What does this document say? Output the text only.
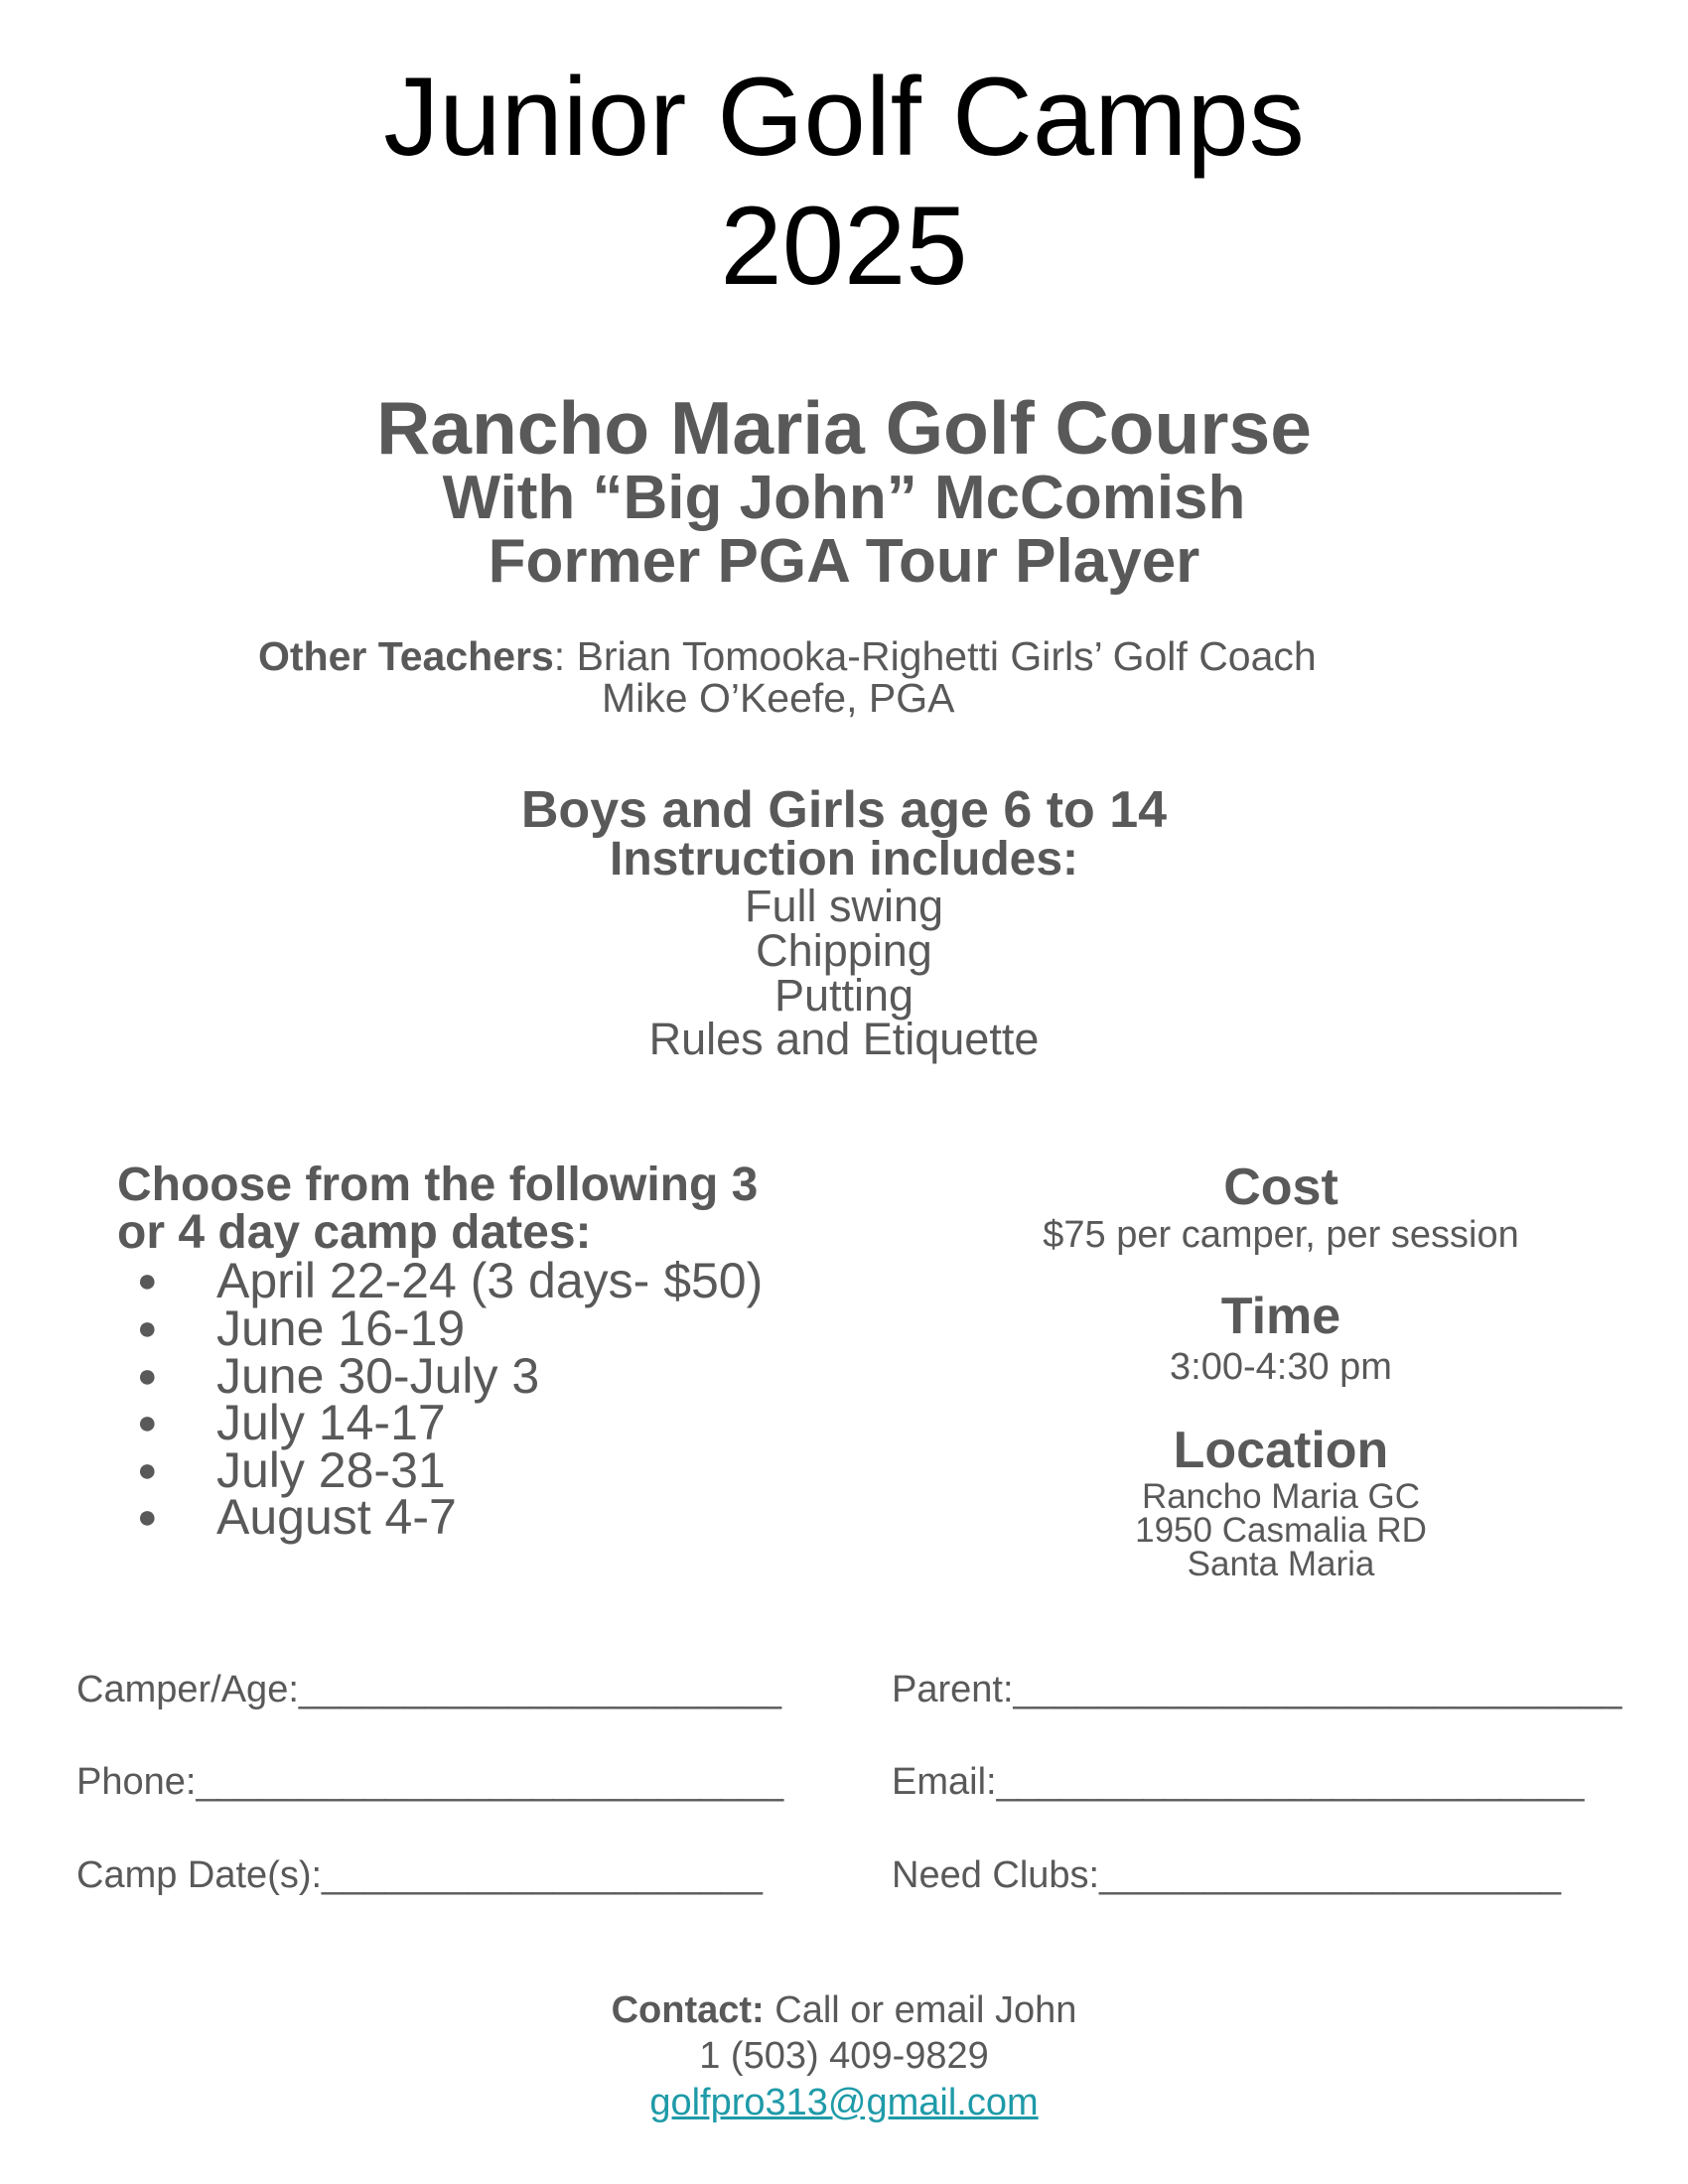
Junior Golf Camps
2025
Rancho Maria Golf Course
With “Big John” McComish
Former PGA Tour Player
Other Teachers: Brian Tomooka-Righetti Girls’ Golf Coach
Mike O’Keefe, PGA
Boys and Girls age 6 to 14
Instruction includes:
Full swing
Chipping
Putting
Rules and Etiquette
Choose from the following 3
or 4 day camp dates:
● April 22-24 (3 days- $50)
● June 16-19
● June 30-July 3
● July 14-17
● July 28-31
● August 4-7
Cost
$75 per camper, per session
Time
3:00-4:30 pm
Location
Rancho Maria GC
1950 Casmalia RD
Santa Maria
Camper/Age:_______________________	Parent:_____________________________
Phone:____________________________	Email:____________________________
Camp Date(s):_____________________	Need Clubs:______________________
Contact: Call or email John
1 (503) 409-9829
golfpro313@gmail.com
